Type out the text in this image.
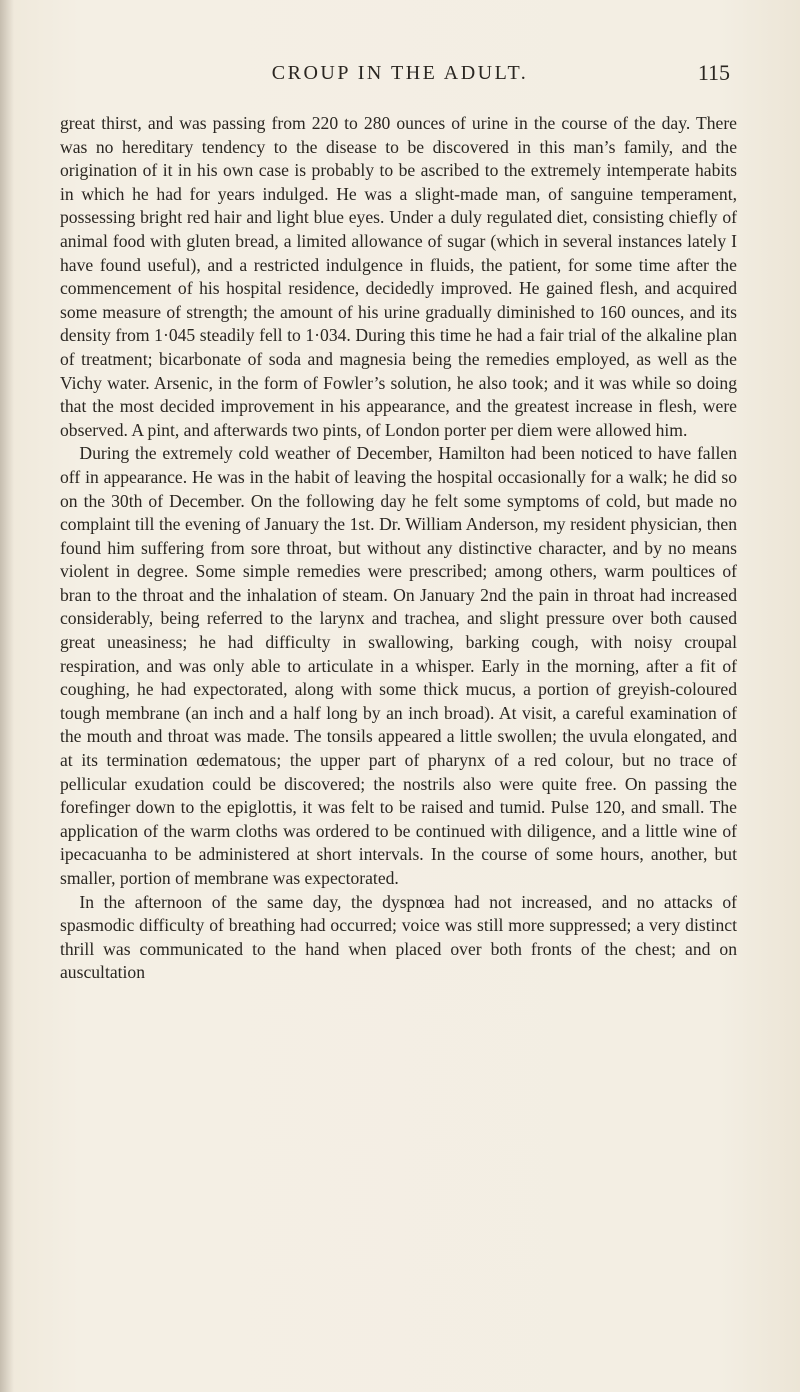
CROUP IN THE ADULT.	115

great thirst, and was passing from 220 to 280 ounces of urine in the course of the day. There was no hereditary tendency to the disease to be discovered in this man’s family, and the origination of it in his own case is probably to be ascribed to the extremely intemperate habits in which he had for years indulged. He was a slight-made man, of sanguine temperament, possessing bright red hair and light blue eyes. Under a duly regulated diet, consisting chiefly of animal food with gluten bread, a limited allowance of sugar (which in several instances lately I have found useful), and a restricted indulgence in fluids, the patient, for some time after the commencement of his hospital residence, decidedly improved. He gained flesh, and acquired some measure of strength; the amount of his urine gradually diminished to 160 ounces, and its density from 1·045 steadily fell to 1·034. During this time he had a fair trial of the alkaline plan of treatment; bicarbonate of soda and magnesia being the remedies employed, as well as the Vichy water. Arsenic, in the form of Fowler’s solution, he also took; and it was while so doing that the most decided improvement in his appearance, and the greatest increase in flesh, were observed. A pint, and afterwards two pints, of London porter per diem were allowed him.

During the extremely cold weather of December, Hamilton had been noticed to have fallen off in appearance. He was in the habit of leaving the hospital occasionally for a walk; he did so on the 30th of December. On the following day he felt some symptoms of cold, but made no complaint till the evening of January the 1st. Dr. William Anderson, my resident physician, then found him suffering from sore throat, but without any distinctive character, and by no means violent in degree. Some simple remedies were prescribed; among others, warm poultices of bran to the throat and the inhalation of steam. On January 2nd the pain in throat had increased considerably, being referred to the larynx and trachea, and slight pressure over both caused great uneasiness; he had difficulty in swallowing, barking cough, with noisy croupal respiration, and was only able to articulate in a whisper. Early in the morning, after a fit of coughing, he had expectorated, along with some thick mucus, a portion of greyish-coloured tough membrane (an inch and a half long by an inch broad). At visit, a careful examination of the mouth and throat was made. The tonsils appeared a little swollen; the uvula elongated, and at its termination œdematous; the upper part of pharynx of a red colour, but no trace of pellicular exudation could be discovered; the nostrils also were quite free. On passing the forefinger down to the epiglottis, it was felt to be raised and tumid. Pulse 120, and small. The application of the warm cloths was ordered to be continued with diligence, and a little wine of ipecacuanha to be administered at short intervals. In the course of some hours, another, but smaller, portion of membrane was expectorated.

In the afternoon of the same day, the dyspnœa had not increased, and no attacks of spasmodic difficulty of breathing had occurred; voice was still more suppressed; a very distinct thrill was communicated to the hand when placed over both fronts of the chest; and on auscultation
